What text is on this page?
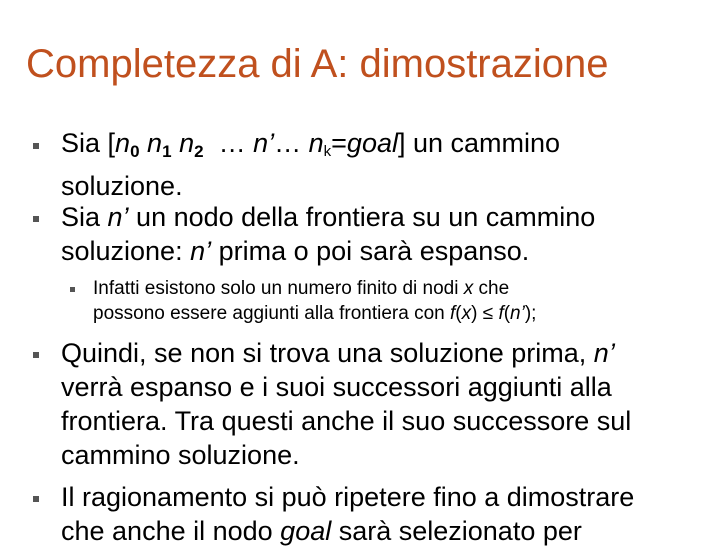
Completezza di A: dimostrazione
Sia [n0 n1 n2  … n’… nk=goal] un cammino
soluzione.
Sia n’ un nodo della frontiera su un cammino
soluzione: n’ prima o poi sarà espanso.
Infatti esistono solo un numero finito di nodi x che
possono essere aggiunti alla frontiera con f(x) ≤ f(n’);
Quindi, se non si trova una soluzione prima, n’
verrà espanso e i suoi successori aggiunti alla
frontiera. Tra questi anche il suo successore sul
cammino soluzione.
Il ragionamento si può ripetere fino a dimostrare
che anche il nodo goal sarà selezionato per
